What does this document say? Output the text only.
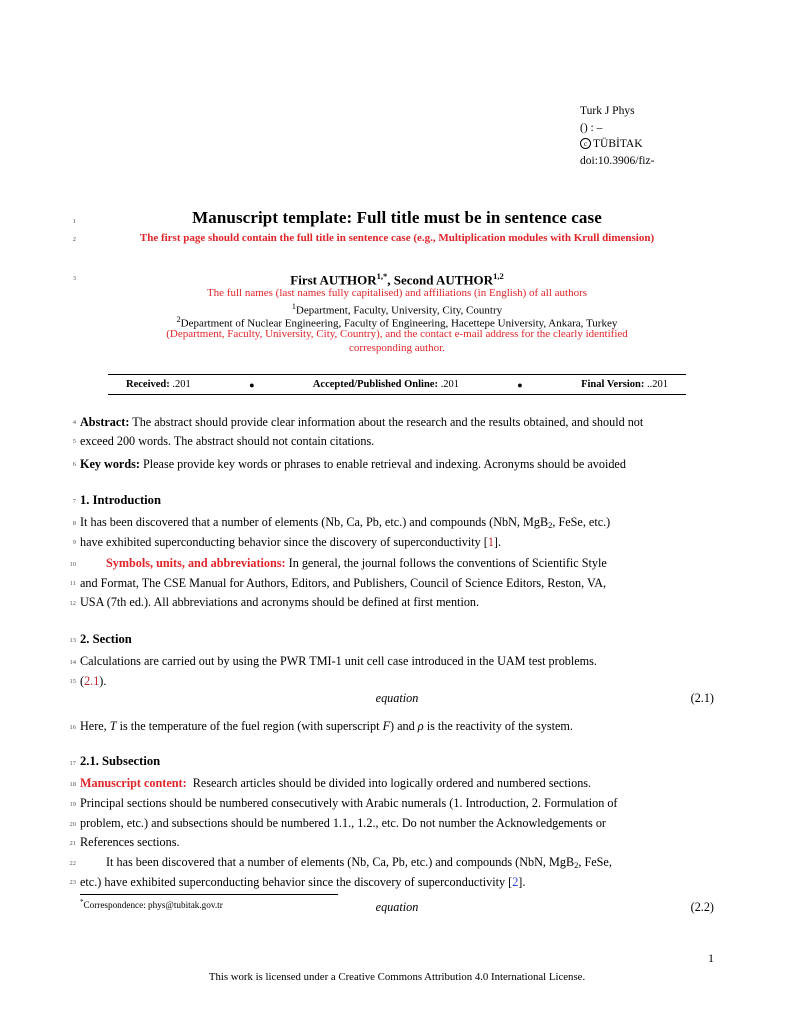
Turk J Phys
() : –
c TÜBİTAK
doi:10.3906/fiz-
1
2
3
4
5
6
7
8
9
10
11
12
13
14
15
16
17
18
19
20
21
22
23
Manuscript template: Full title must be in sentence case
The first page should contain the full title in sentence case (e.g., Multiplication modules with Krull dimension)
First $AUTHOR^{1,*}$, Second AUTHOR$^{1,2}$
The full names (last names fully capitalised) and affiliations (in English) of all authors
$^1$Department, Faculty, University, City, Country
$^2$Department of Nuclear Engineering, Faculty of Engineering, Hacettepe University, Ankara, Turkey
(Department, Faculty, University, City, Country), and the contact e-mail address for the clearly identified
corresponding author.
Received: .201	●	Accepted/Published Online: .201	●	Final Version: ..201
Abstract: The abstract should provide clear information about the research and the results obtained, and should not
exceed 200 words. The abstract should not contain citations.
Key words: Please provide key words or phrases to enable retrieval and indexing. Acronyms should be avoided
1. Introduction
It has been discovered that a number of elements (Nb, Ca, Pb, etc.) and compounds (NbN, MgB$_2$, FeSe, etc.)
have exhibited superconducting behavior since the discovery of superconductivity [1].
Symbols, units, and abbreviations: In general, the journal follows the conventions of Scientific Style
and Format, The CSE Manual for Authors, Editors, and Publishers, Council of Science Editors, Reston, VA,
USA (7th ed.). All abbreviations and acronyms should be defined at first mention.
2. Section
Calculations are carried out by using the PWR TMI-1 unit cell case introduced in the UAM test problems.
(2.1).
equation	(2.1)
Here, T is the temperature of the fuel region (with superscript F) and ρ is the reactivity of the system.
2.1. Subsection
Manuscript content: Research articles should be divided into logically ordered and numbered sections.
Principal sections should be numbered consecutively with Arabic numerals (1. Introduction, 2. Formulation of
problem, etc.) and subsections should be numbered 1.1., 1.2., etc. Do not number the Acknowledgements or
References sections.
It has been discovered that a number of elements (Nb, Ca, Pb, etc.) and compounds (NbN, MgB$_2$, FeSe,
etc.) have exhibited superconducting behavior since the discovery of superconductivity [2].
equation	(2.2)
*Correspondence: phys@tubitak.gov.tr
1
This work is licensed under a Creative Commons Attribution 4.0 International License.
